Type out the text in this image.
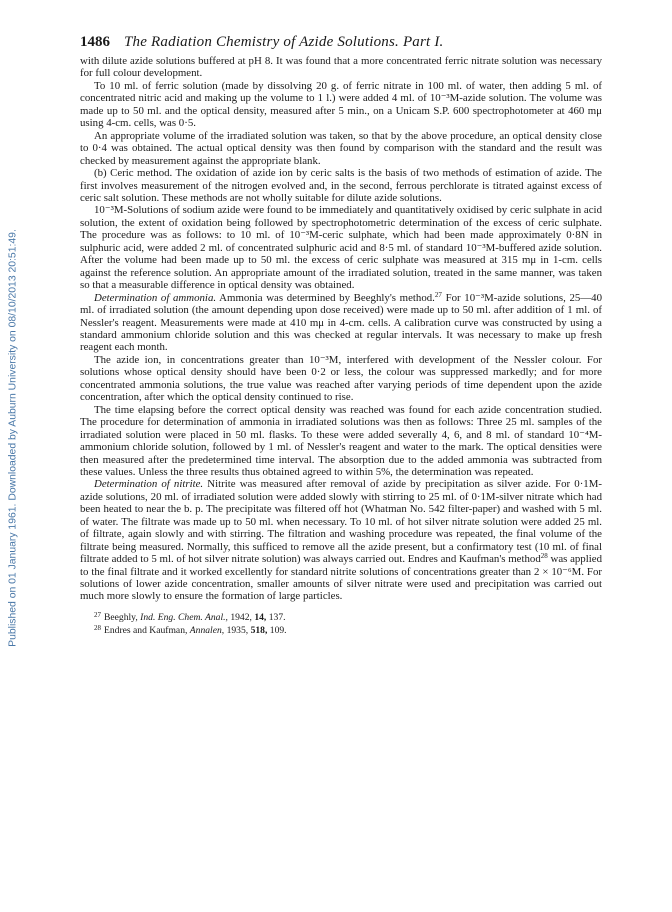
Published on 01 January 1961. Downloaded by Auburn University on 08/10/2013 20:51:49.
1486 The Radiation Chemistry of Azide Solutions. Part I.

with dilute azide solutions buffered at pH 8. It was found that a more concentrated ferric nitrate solution was necessary for full colour development.

To 10 ml. of ferric solution (made by dissolving 20 g. of ferric nitrate in 100 ml. of water, then adding 5 ml. of concentrated nitric acid and making up the volume to 1 l.) were added 4 ml. of 10⁻³M-azide solution. The volume was made up to 50 ml. and the optical density, measured after 5 min., on a Unicam S.P. 600 spectrophotometer at 460 mμ using 4-cm. cells, was 0·5.

An appropriate volume of the irradiated solution was taken, so that by the above procedure, an optical density close to 0·4 was obtained. The actual optical density was then found by comparison with the standard and the result was checked by measurement against the appropriate blank.

(b) Ceric method. The oxidation of azide ion by ceric salts is the basis of two methods of estimation of azide. The first involves measurement of the nitrogen evolved and, in the second, ferrous perchlorate is titrated against excess of ceric salt solution. These methods are not wholly suitable for dilute azide solutions.

10⁻³M-Solutions of sodium azide were found to be immediately and quantitatively oxidised by ceric sulphate in acid solution, the extent of oxidation being followed by spectrophotometric determination of the excess of ceric sulphate. The procedure was as follows: to 10 ml. of 10⁻³M-ceric sulphate, which had been made approximately 0·8N in sulphuric acid, were added 2 ml. of concentrated sulphuric acid and 8·5 ml. of standard 10⁻³M-buffered azide solution. After the volume had been made up to 50 ml. the excess of ceric sulphate was measured at 315 mμ in 1-cm. cells against the reference solution. An appropriate amount of the irradiated solution, treated in the same manner, was taken so that a measurable difference in optical density was obtained.

Determination of ammonia. Ammonia was determined by Beeghly's method.$^{27}$ For 10⁻³M-azide solutions, 25—40 ml. of irradiated solution (the amount depending upon dose received) were made up to 50 ml. after addition of 1 ml. of Nessler's reagent. Measurements were made at 410 mμ in 4-cm. cells. A calibration curve was constructed by using a standard ammonium chloride solution and this was checked at regular intervals. It was necessary to make up fresh reagent each month.

The azide ion, in concentrations greater than 10⁻³M, interfered with development of the Nessler colour. For solutions whose optical density should have been 0·2 or less, the colour was suppressed markedly; and for more concentrated ammonia solutions, the true value was reached after varying periods of time dependent upon the azide concentration, after which the optical density continued to rise.

The time elapsing before the correct optical density was reached was found for each azide concentration studied. The procedure for determination of ammonia in irradiated solutions was then as follows: Three 25 ml. samples of the irradiated solution were placed in 50 ml. flasks. To these were added severally 4, 6, and 8 ml. of standard 10⁻⁴M-ammonium chloride solution, followed by 1 ml. of Nessler's reagent and water to the mark. The optical densities were then measured after the predetermined time interval. The absorption due to the added ammonia was subtracted from these values. Unless the three results thus obtained agreed to within 5%, the determination was repeated.

Determination of nitrite. Nitrite was measured after removal of azide by precipitation as silver azide. For 0·1M-azide solutions, 20 ml. of irradiated solution were added slowly with stirring to 25 ml. of 0·1M-silver nitrate which had been heated to near the b. p. The precipitate was filtered off hot (Whatman No. 542 filter-paper) and washed with 5 ml. of water. The filtrate was made up to 50 ml. when necessary. To 10 ml. of hot silver nitrate solution were added 25 ml. of filtrate, again slowly and with stirring. The filtration and washing procedure was repeated, the final volume of the filtrate being measured. Normally, this sufficed to remove all the azide present, but a confirmatory test (10 ml. of final filtrate added to 5 ml. of hot silver nitrate solution) was always carried out. Endres and Kaufman's method$^{28}$ was applied to the final filtrate and it worked excellently for standard nitrite solutions of concentrations greater than 2 × 10⁻⁶M. For solutions of lower azide concentration, smaller amounts of silver nitrate were used and precipitation was carried out much more slowly to ensure the formation of large particles.

$^{27}$ Beeghly, Ind. Eng. Chem. Anal., 1942, 14, 137.
$^{28}$ Endres and Kaufman, Annalen, 1935, 518, 109.
